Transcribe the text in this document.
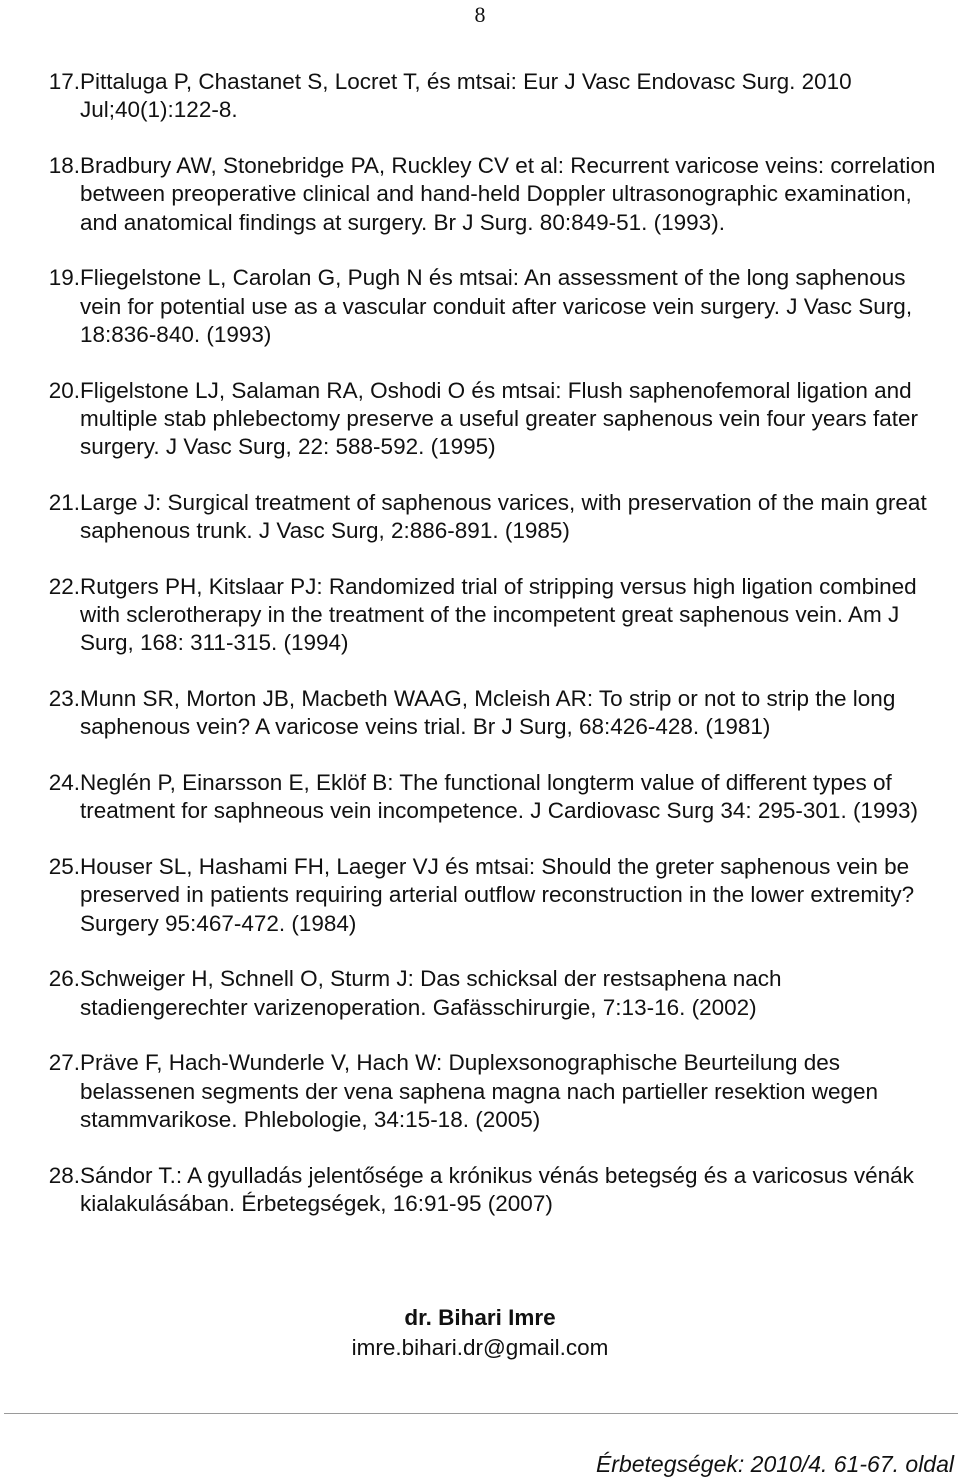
8
17. Pittaluga P, Chastanet S, Locret T, és mtsai: Eur J Vasc Endovasc Surg. 2010 Jul;40(1):122-8.
18. Bradbury AW, Stonebridge PA, Ruckley CV et al: Recurrent varicose veins: correlation between preoperative clinical and hand-held Doppler ultrasonographic examination, and anatomical findings at surgery. Br J Surg. 80:849-51. (1993).
19. Fliegelstone L, Carolan G, Pugh N és mtsai: An assessment of the long saphenous vein for potential use as a vascular conduit after varicose vein surgery. J Vasc Surg, 18:836-840. (1993)
20. Fligelstone LJ, Salaman RA, Oshodi O és mtsai: Flush saphenofemoral ligation and multiple stab phlebectomy preserve a useful greater saphenous vein four years fater surgery. J Vasc Surg, 22: 588-592. (1995)
21. Large J: Surgical treatment of saphenous varices, with preservation of the main great saphenous trunk. J Vasc Surg, 2:886-891. (1985)
22. Rutgers PH, Kitslaar PJ: Randomized trial of stripping versus high ligation combined with sclerotherapy in the treatment of the incompetent great saphenous vein. Am J Surg, 168: 311-315. (1994)
23. Munn SR, Morton JB, Macbeth WAAG, Mcleish AR: To strip or not to strip the long saphenous vein? A varicose veins trial. Br J Surg, 68:426-428. (1981)
24. Neglén P, Einarsson E, Eklöf B: The functional longterm value of different types of treatment for saphneous vein incompetence. J Cardiovasc Surg 34: 295-301. (1993)
25. Houser SL, Hashami FH, Laeger VJ és mtsai: Should the greter saphenous vein be preserved in patients requiring arterial outflow reconstruction in the lower extremity? Surgery 95:467-472. (1984)
26. Schweiger H, Schnell O, Sturm J: Das schicksal der restsaphena nach stadiengerechter varizenoperation. Gafässchirurgie, 7:13-16. (2002)
27. Präve F, Hach-Wunderle V, Hach W: Duplexsonographische Beurteilung des belassenen segments der vena saphena magna nach partieller resektion wegen stammvarikose. Phlebologie, 34:15-18. (2005)
28. Sándor T.: A gyulladás jelentősége a krónikus vénás betegség és a varicosus vénák kialakulásában. Érbetegségek, 16:91-95 (2007)
dr. Bihari Imre
imre.bihari.dr@gmail.com
Érbetegségek: 2010/4. 61-67. oldal
